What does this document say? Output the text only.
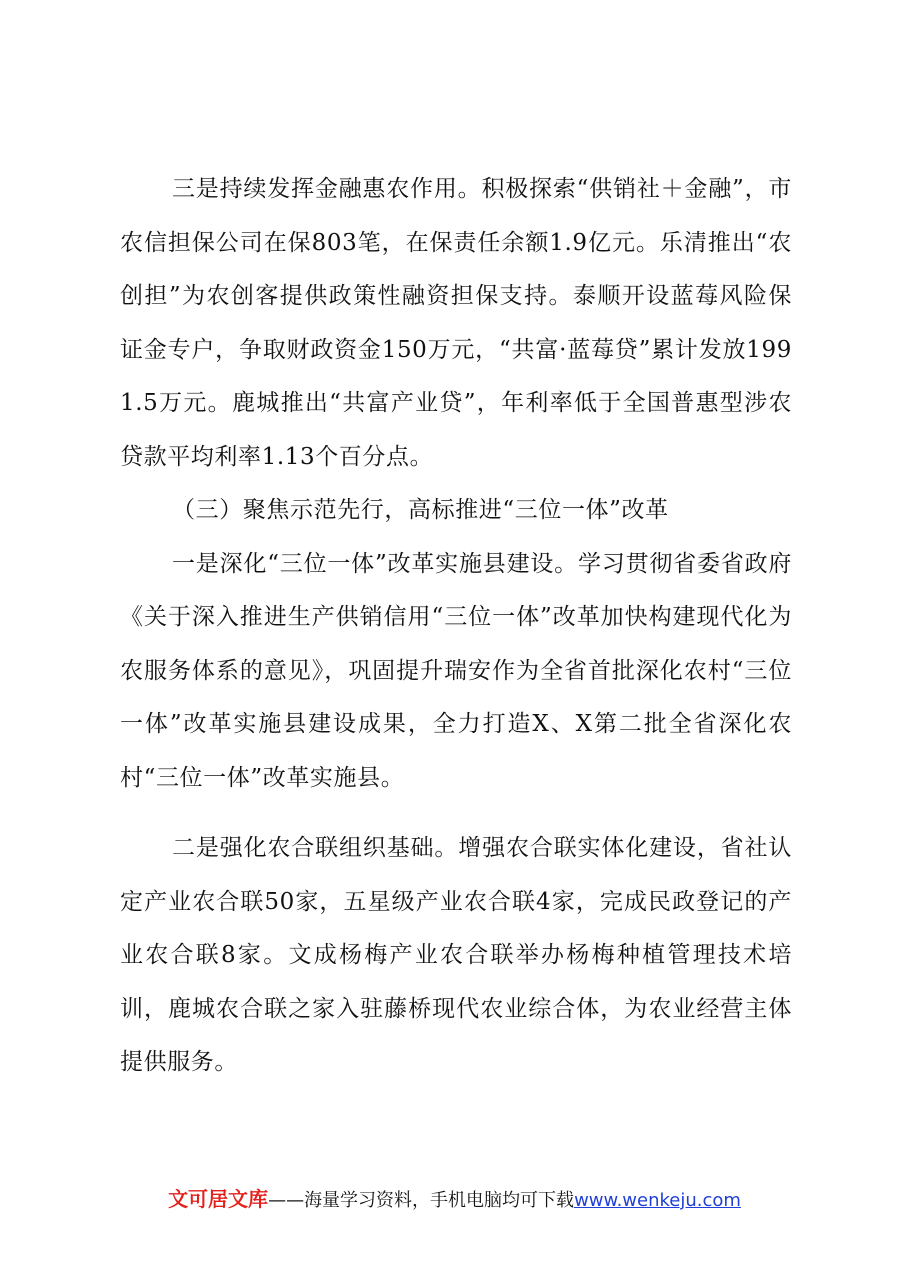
三是持续发挥金融惠农作用。积极探索“供销社＋金融”，市农信担保公司在保803笔，在保责任余额1.9亿元。乐清推出“农创担”为农创客提供政策性融资担保支持。泰顺开设蓝莓风险保证金专户，争取财政资金150万元，“共富·蓝莓贷”累计发放1991.5万元。鹿城推出“共富产业贷”，年利率低于全国普惠型涉农贷款平均利率1.13个百分点。

（三）聚焦示范先行，高标推进“三位一体”改革

一是深化“三位一体”改革实施县建设。学习贯彻省委省政府《关于深入推进生产供销信用“三位一体”改革加快构建现代化为农服务体系的意见》，巩固提升瑞安作为全省首批深化农村“三位一体”改革实施县建设成果，全力打造X、X第二批全省深化农村“三位一体”改革实施县。

二是强化农合联组织基础。增强农合联实体化建设，省社认定产业农合联50家，五星级产业农合联4家，完成民政登记的产业农合联8家。文成杨梅产业农合联举办杨梅种植管理技术培训，鹿城农合联之家入驻藤桥现代农业综合体，为农业经营主体提供服务。

文可居文库——海量学习资料，手机电脑均可下载www.wenkeju.com
